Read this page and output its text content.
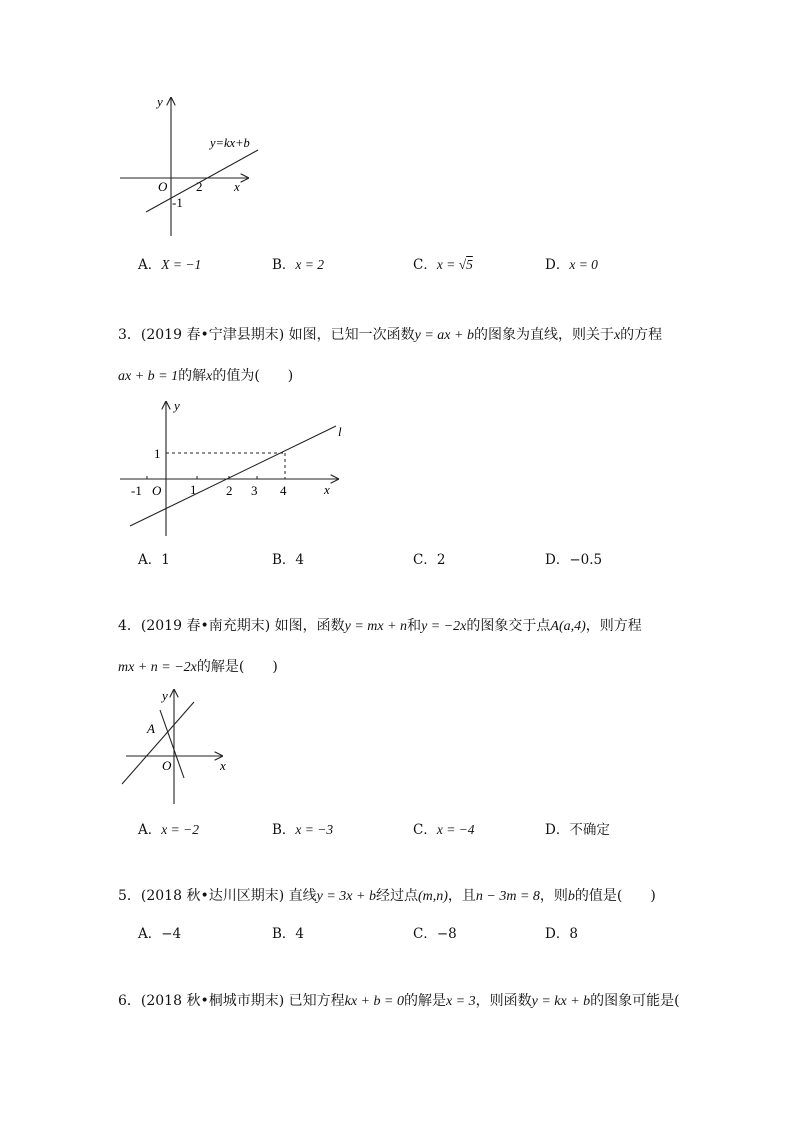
y
x
O
y=kx+b
2
-1
A．X = −1	B．x = 2	C．x = √5	D．x = 0
3．(2019 春•宁津县期末) 如图，已知一次函数y = ax + b的图象为直线，则关于x的方程
ax + b = 1的解x的值为(　　)
y
x
O
l
1
-1	1 2 3 4
A．1	B．4	C．2	D．−0.5
4．(2019 春•南充期末) 如图，函数y = mx + n和y = −2x的图象交于点A(a,4)，则方程
mx + n = −2x的解是(　　)
y
x
O
A
A．x = −2	B．x = −3	C．x = −4	D．不确定
5．(2018 秋•达川区期末) 直线y = 3x + b经过点(m,n)，且n − 3m = 8，则b的值是(　　)
A．−4	B．4	C．−8	D．8
6．(2018 秋•桐城市期末) 已知方程kx + b = 0的解是x = 3，则函数y = kx + b的图象可能是(
